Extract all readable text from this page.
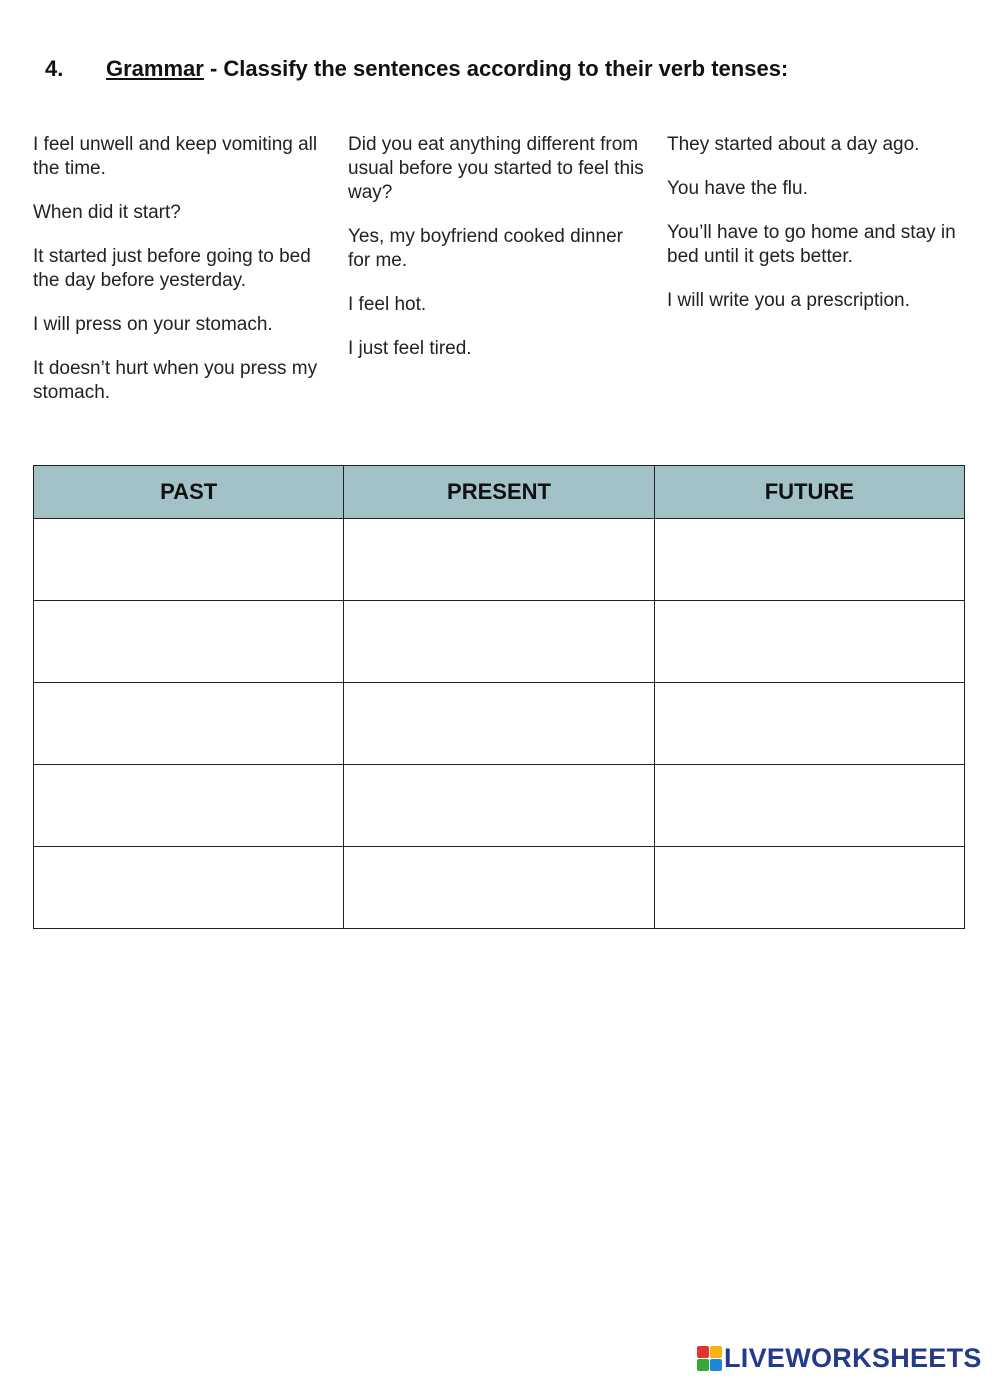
4. Grammar - Classify the sentences according to their verb tenses:

I feel unwell and keep vomiting all the time.

When did it start?

It started just before going to bed the day before yesterday.

I will press on your stomach.

It doesn’t hurt when you press my stomach.

Did you eat anything different from usual before you started to feel this way?

Yes, my boyfriend cooked dinner for me.

I feel hot.

I just feel tired.

They started about a day ago.

You have the flu.

You’ll have to go home and stay in bed until it gets better.

I will write you a prescription.

PAST	PRESENT	FUTURE

LIVEWORKSHEETS
